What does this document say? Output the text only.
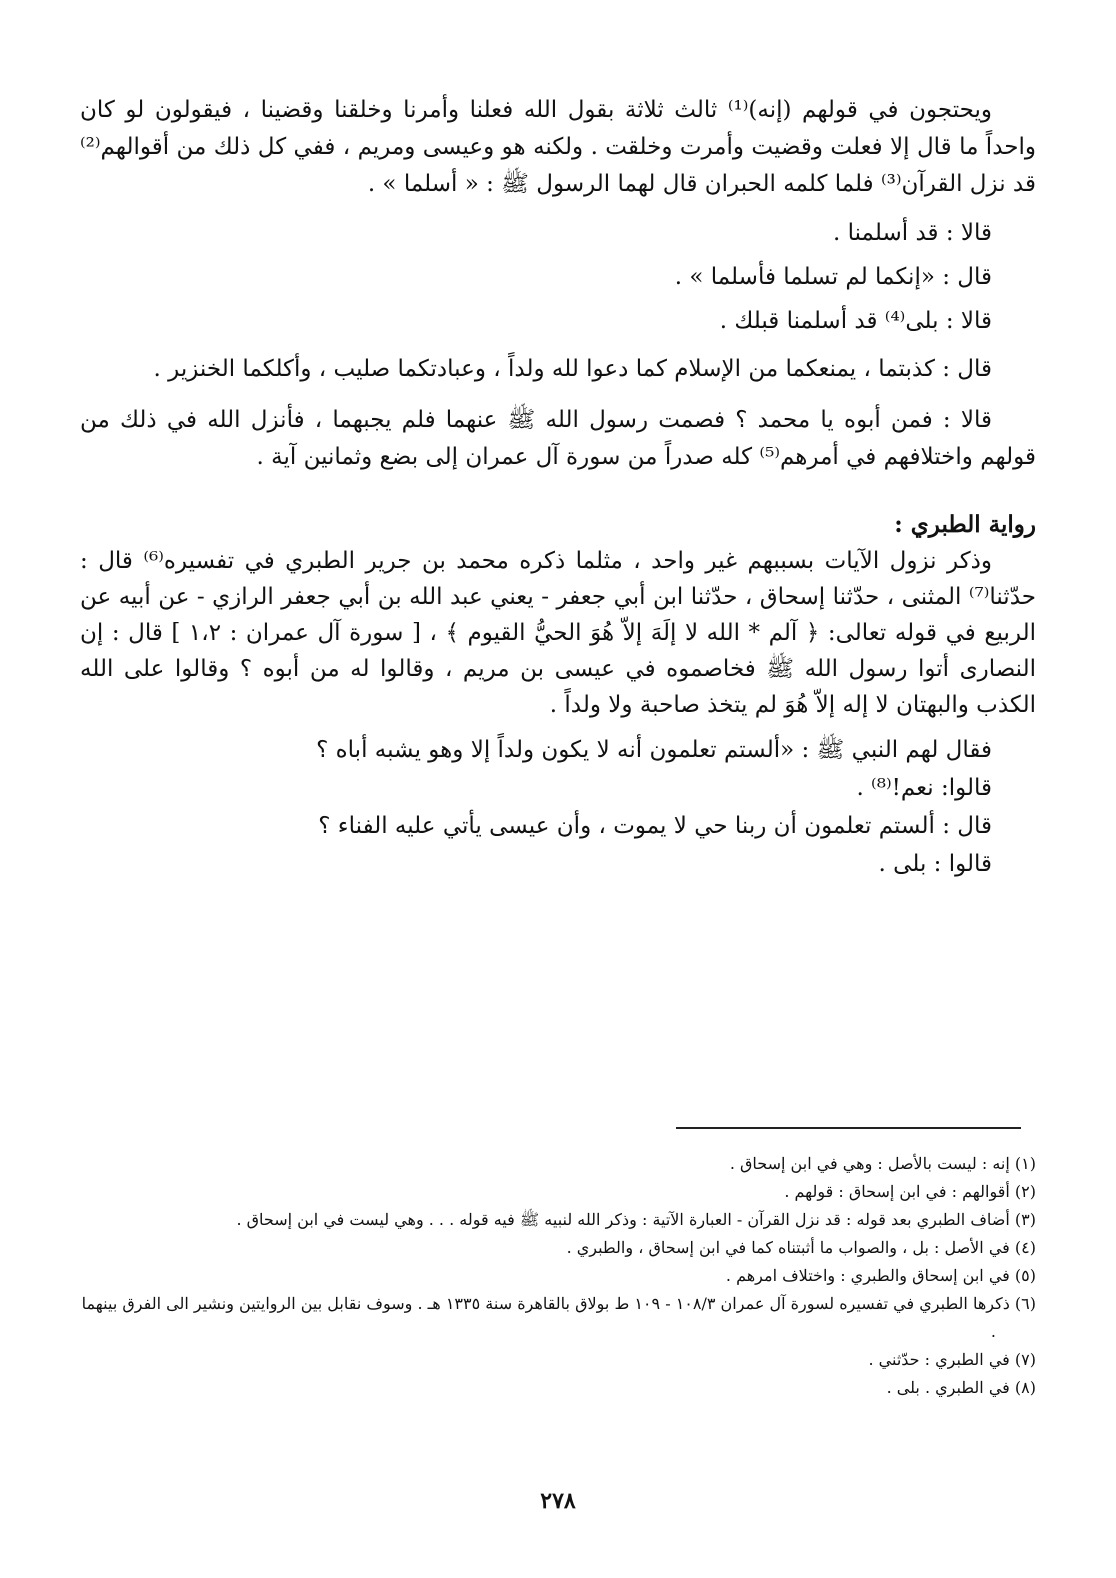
ويحتجون في قولهم (إنه)⁽¹⁾ ثالث ثلاثة بقول الله فعلنا وأمرنا وخلقنا وقضينا ، فيقولون لو كان واحداً ما قال إلا فعلت وقضيت وأمرت وخلقت . ولكنه هو وعيسى ومريم ، ففي كل ذلك من أقوالهم⁽²⁾ قد نزل القرآن⁽³⁾ فلما كلمه الحبران قال لهما الرسول ﷺ : « أسلما » .

قالا : قد أسلمنا .

قال : «إنكما لم تسلما فأسلما » .

قالا : بلى⁽⁴⁾ قد أسلمنا قبلك .

قال : كذبتما ، يمنعكما من الإسلام كما دعوا لله ولداً ، وعبادتكما صليب ، وأكلكما الخنزير .

قالا : فمن أبوه يا محمد ؟ فصمت رسول الله ﷺ عنهما فلم يجبهما ، فأنزل الله في ذلك من قولهم واختلافهم في أمرهم⁽⁵⁾ كله صدراً من سورة آل عمران إلى بضع وثمانين آية .

رواية الطبري :

وذكر نزول الآيات بسببهم غير واحد ، مثلما ذكره محمد بن جرير الطبري في تفسيره⁽⁶⁾ قال : حدّثنا⁽⁷⁾ المثنى ، حدّثنا إسحاق ، حدّثنا ابن أبي جعفر - يعني عبد الله بن أبي جعفر الرازي - عن أبيه عن الربيع في قوله تعالى: ﴿ آلم * الله لا إلَهَ إلاّ هُوَ الحيُّ القيوم ﴾ ، [ سورة آل عمران : ١،٢ ] قال : إن النصارى أتوا رسول الله ﷺ فخاصموه في عيسى بن مريم ، وقالوا له من أبوه ؟ وقالوا على الله الكذب والبهتان لا إله إلاّ هُوَ لم يتخذ صاحبة ولا ولداً .

فقال لهم النبي ﷺ : «ألستم تعلمون أنه لا يكون ولداً إلا وهو يشبه أباه ؟

قالوا: نعم!⁽⁸⁾ .

قال : ألستم تعلمون أن ربنا حي لا يموت ، وأن عيسى يأتي عليه الفناء ؟

قالوا : بلى .

(١) إنه : ليست بالأصل : وهي في ابن إسحاق .

(٢) أقوالهم : في ابن إسحاق : قولهم .

(٣) أضاف الطبري بعد قوله : قد نزل القرآن - العبارة الآتية : وذكر الله لنبيه ﷺ فيه قوله . . . وهي ليست في ابن إسحاق .

(٤) في الأصل : بل ، والصواب ما أثبتناه كما في ابن إسحاق ، والطبري .

(٥) في ابن إسحاق والطبري : واختلاف امرهم .

(٦) ذكرها الطبري في تفسيره لسورة آل عمران ١٠٨/٣ - ١٠٩ ط بولاق بالقاهرة سنة ١٣٣٥ هـ . وسوف نقابل بين الروايتين ونشير الى الفرق بينهما .

(٧) في الطبري : حدّثني .

(٨) في الطبري . بلى .

٢٧٨
